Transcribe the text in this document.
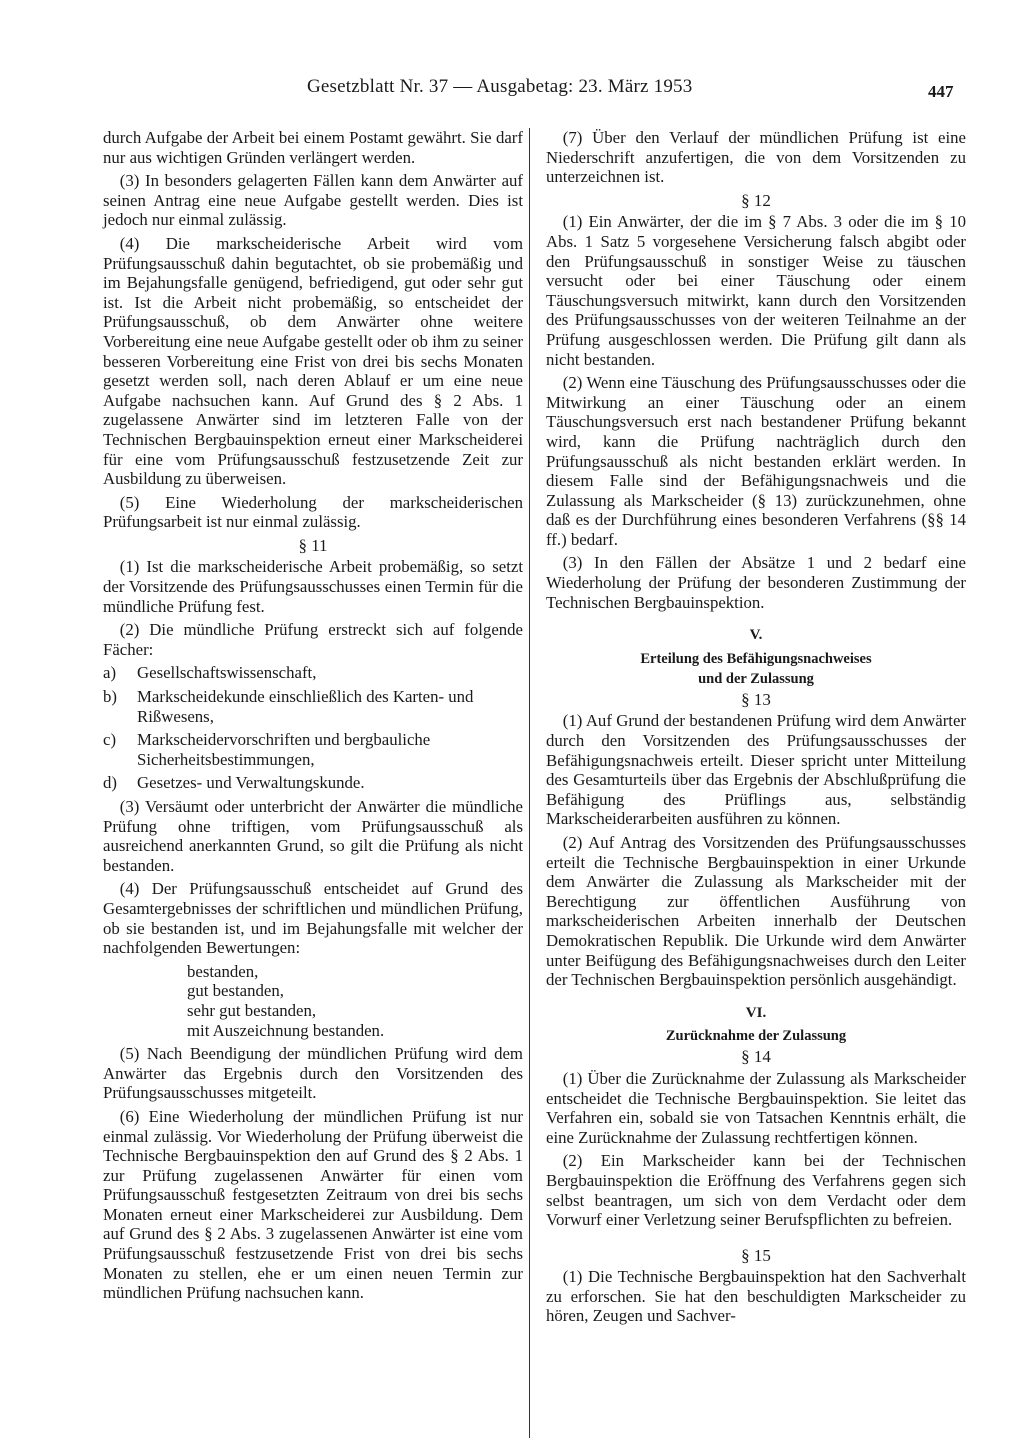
Gesetzblatt Nr. 37 — Ausgabetag: 23. März 1953	447

durch Aufgabe der Arbeit bei einem Postamt gewährt. Sie darf nur aus wichtigen Gründen verlängert werden.

(3) In besonders gelagerten Fällen kann dem Anwärter auf seinen Antrag eine neue Aufgabe gestellt werden. Dies ist jedoch nur einmal zulässig.

(4) Die markscheiderische Arbeit wird vom Prüfungsausschuß dahin begutachtet, ob sie probemäßig und im Bejahungsfalle genügend, befriedigend, gut oder sehr gut ist. Ist die Arbeit nicht probemäßig, so entscheidet der Prüfungsausschuß, ob dem Anwärter ohne weitere Vorbereitung eine neue Aufgabe gestellt oder ob ihm zu seiner besseren Vorbereitung eine Frist von drei bis sechs Monaten gesetzt werden soll, nach deren Ablauf er um eine neue Aufgabe nachsuchen kann. Auf Grund des § 2 Abs. 1 zugelassene Anwärter sind im letzteren Falle von der Technischen Bergbauinspektion erneut einer Markscheiderei für eine vom Prüfungsausschuß festzusetzende Zeit zur Ausbildung zu überweisen.

(5) Eine Wiederholung der markscheiderischen Prüfungsarbeit ist nur einmal zulässig.

§ 11

(1) Ist die markscheiderische Arbeit probemäßig, so setzt der Vorsitzende des Prüfungsausschusses einen Termin für die mündliche Prüfung fest.

(2) Die mündliche Prüfung erstreckt sich auf folgende Fächer:

a) Gesellschaftswissenschaft,
b) Markscheidekunde einschließlich des Karten- und Rißwesens,
c) Markscheidervorschriften und bergbauliche Sicherheitsbestimmungen,
d) Gesetzes- und Verwaltungskunde.

(3) Versäumt oder unterbricht der Anwärter die mündliche Prüfung ohne triftigen, vom Prüfungsausschuß als ausreichend anerkannten Grund, so gilt die Prüfung als nicht bestanden.

(4) Der Prüfungsausschuß entscheidet auf Grund des Gesamtergebnisses der schriftlichen und mündlichen Prüfung, ob sie bestanden ist, und im Bejahungsfalle mit welcher der nachfolgenden Bewertungen:

bestanden,
gut bestanden,
sehr gut bestanden,
mit Auszeichnung bestanden.

(5) Nach Beendigung der mündlichen Prüfung wird dem Anwärter das Ergebnis durch den Vorsitzenden des Prüfungsausschusses mitgeteilt.

(6) Eine Wiederholung der mündlichen Prüfung ist nur einmal zulässig. Vor Wiederholung der Prüfung überweist die Technische Bergbauinspektion den auf Grund des § 2 Abs. 1 zur Prüfung zugelassenen Anwärter für einen vom Prüfungsausschuß festgesetzten Zeitraum von drei bis sechs Monaten erneut einer Markscheiderei zur Ausbildung. Dem auf Grund des § 2 Abs. 3 zugelassenen Anwärter ist eine vom Prüfungsausschuß festzusetzende Frist von drei bis sechs Monaten zu stellen, ehe er um einen neuen Termin zur mündlichen Prüfung nachsuchen kann.

(7) Über den Verlauf der mündlichen Prüfung ist eine Niederschrift anzufertigen, die von dem Vorsitzenden zu unterzeichnen ist.

§ 12

(1) Ein Anwärter, der die im § 7 Abs. 3 oder die im § 10 Abs. 1 Satz 5 vorgesehene Versicherung falsch abgibt oder den Prüfungsausschuß in sonstiger Weise zu täuschen versucht oder bei einer Täuschung oder einem Täuschungsversuch mitwirkt, kann durch den Vorsitzenden des Prüfungsausschusses von der weiteren Teilnahme an der Prüfung ausgeschlossen werden. Die Prüfung gilt dann als nicht bestanden.

(2) Wenn eine Täuschung des Prüfungsausschusses oder die Mitwirkung an einer Täuschung oder an einem Täuschungsversuch erst nach bestandener Prüfung bekannt wird, kann die Prüfung nachträglich durch den Prüfungsausschuß als nicht bestanden erklärt werden. In diesem Falle sind der Befähigungsnachweis und die Zulassung als Markscheider (§ 13) zurückzunehmen, ohne daß es der Durchführung eines besonderen Verfahrens (§§ 14 ff.) bedarf.

(3) In den Fällen der Absätze 1 und 2 bedarf eine Wiederholung der Prüfung der besonderen Zustimmung der Technischen Bergbauinspektion.

V.
Erteilung des Befähigungsnachweises
und der Zulassung
§ 13

(1) Auf Grund der bestandenen Prüfung wird dem Anwärter durch den Vorsitzenden des Prüfungsausschusses der Befähigungsnachweis erteilt. Dieser spricht unter Mitteilung des Gesamturteils über das Ergebnis der Abschlußprüfung die Befähigung des Prüflings aus, selbständig Markscheiderarbeiten ausführen zu können.

(2) Auf Antrag des Vorsitzenden des Prüfungsausschusses erteilt die Technische Bergbauinspektion in einer Urkunde dem Anwärter die Zulassung als Markscheider mit der Berechtigung zur öffentlichen Ausführung von markscheiderischen Arbeiten innerhalb der Deutschen Demokratischen Republik. Die Urkunde wird dem Anwärter unter Beifügung des Befähigungsnachweises durch den Leiter der Technischen Bergbauinspektion persönlich ausgehändigt.

VI.
Zurücknahme der Zulassung
§ 14

(1) Über die Zurücknahme der Zulassung als Markscheider entscheidet die Technische Bergbauinspektion. Sie leitet das Verfahren ein, sobald sie von Tatsachen Kenntnis erhält, die eine Zurücknahme der Zulassung rechtfertigen können.

(2) Ein Markscheider kann bei der Technischen Bergbauinspektion die Eröffnung des Verfahrens gegen sich selbst beantragen, um sich von dem Verdacht oder dem Vorwurf einer Verletzung seiner Berufspflichten zu befreien.

§ 15

(1) Die Technische Bergbauinspektion hat den Sachverhalt zu erforschen. Sie hat den beschuldigten Markscheider zu hören, Zeugen und Sachver-
